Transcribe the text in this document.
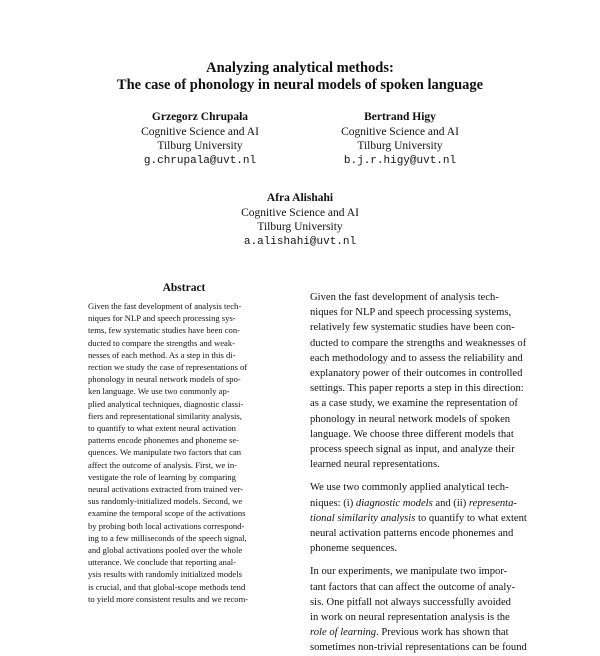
Analyzing analytical methods:
The case of phonology in neural models of spoken language
Grzegorz Chrupała
Cognitive Science and AI
Tilburg University
g.chrupala@uvt.nl
Bertrand Higy
Cognitive Science and AI
Tilburg University
b.j.r.higy@uvt.nl
Afra Alishahi
Cognitive Science and AI
Tilburg University
a.alishahi@uvt.nl
Abstract
Given the fast development of analysis tech-
niques for NLP and speech processing sys-
tems, few systematic studies have been con-
ducted to compare the strengths and weak-
nesses of each method. As a step in this di-
rection we study the case of representations of
phonology in neural network models of spo-
ken language. We use two commonly ap-
plied analytical techniques, diagnostic classi-
fiers and representational similarity analysis,
to quantify to what extent neural activation
patterns encode phonemes and phoneme se-
quences. We manipulate two factors that can
affect the outcome of analysis. First, we in-
vestigate the role of learning by comparing
neural activations extracted from trained ver-
sus randomly-initialized models. Second, we
examine the temporal scope of the activations
by probing both local activations correspond-
ing to a few milliseconds of the speech signal,
and global activations pooled over the whole
utterance. We conclude that reporting anal-
ysis results with randomly initialized models
is crucial, and that global-scope methods tend
to yield more consistent results and we recom-
Given the fast development of analysis tech-
niques for NLP and speech processing systems,
relatively few systematic studies have been con-
ducted to compare the strengths and weaknesses of
each methodology and to assess the reliability and
explanatory power of their outcomes in controlled
settings. This paper reports a step in this direction:
as a case study, we examine the representation of
phonology in neural network models of spoken
language. We choose three different models that
process speech signal as input, and analyze their
learned neural representations.
We use two commonly applied analytical tech-
niques: (i) diagnostic models and (ii) representa-
tional similarity analysis to quantify to what extent
neural activation patterns encode phonemes and
phoneme sequences.
In our experiments, we manipulate two impor-
tant factors that can affect the outcome of analy-
sis. One pitfall not always successfully avoided
in work on neural representation analysis is the
role of learning. Previous work has shown that
sometimes non-trivial representations can be found
